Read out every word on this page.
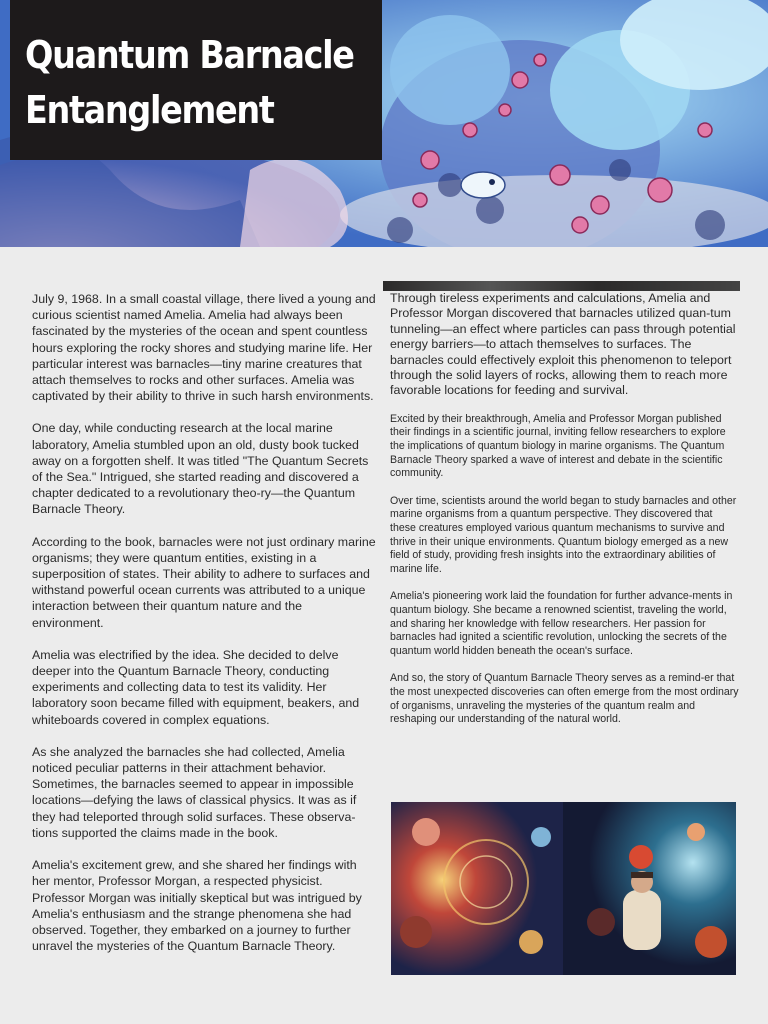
Quantum Barnacle
Entanglement

July 9, 1968. In a small coastal village, there lived a young and curious scientist named Amelia. Amelia had always been fascinated by the mysteries of the ocean and spent countless hours exploring the rocky shores and studying marine life. Her particular interest was barnacles—tiny marine creatures that attach themselves to rocks and other surfaces. Amelia was captivated by their ability to thrive in such harsh environments.

One day, while conducting research at the local marine laboratory, Amelia stumbled upon an old, dusty book tucked away on a forgotten shelf. It was titled "The Quantum Secrets of the Sea." Intrigued, she started reading and discovered a chapter dedicated to a revolutionary theo-ry—the Quantum Barnacle Theory.

According to the book, barnacles were not just ordinary marine organisms; they were quantum entities, existing in a superposition of states. Their ability to adhere to surfaces and withstand powerful ocean currents was attributed to a unique interaction between their quantum nature and the environment.

Amelia was electrified by the idea. She decided to delve deeper into the Quantum Barnacle Theory, conducting experiments and collecting data to test its validity. Her laboratory soon became filled with equipment, beakers, and whiteboards covered in complex equations.

As she analyzed the barnacles she had collected, Amelia noticed peculiar patterns in their attachment behavior. Sometimes, the barnacles seemed to appear in impossible locations—defying the laws of classical physics. It was as if they had teleported through solid surfaces. These observa-tions supported the claims made in the book.

Amelia's excitement grew, and she shared her findings with her mentor, Professor Morgan, a respected physicist. Professor Morgan was initially skeptical but was intrigued by Amelia's enthusiasm and the strange phenomena she had observed. Together, they embarked on a journey to further unravel the mysteries of the Quantum Barnacle Theory.

Through tireless experiments and calculations, Amelia and Professor Morgan discovered that barnacles utilized quan-tum tunneling—an effect where particles can pass through potential energy barriers—to attach themselves to surfaces. The barnacles could effectively exploit this phenomenon to teleport through the solid layers of rocks, allowing them to reach more favorable locations for feeding and survival.

Excited by their breakthrough, Amelia and Professor Morgan published their findings in a scientific journal, inviting fellow researchers to explore the implications of quantum biology in marine organisms. The Quantum Barnacle Theory sparked a wave of interest and debate in the scientific community.

Over time, scientists around the world began to study barnacles and other marine organisms from a quantum perspective. They discovered that these creatures employed various quantum mechanisms to survive and thrive in their unique environments. Quantum biology emerged as a new field of study, providing fresh insights into the extraordinary abilities of marine life.

Amelia's pioneering work laid the foundation for further advance-ments in quantum biology. She became a renowned scientist, traveling the world, and sharing her knowledge with fellow researchers. Her passion for barnacles had ignited a scientific revolution, unlocking the secrets of the quantum world hidden beneath the ocean's surface.

And so, the story of Quantum Barnacle Theory serves as a remind-er that the most unexpected discoveries can often emerge from the most ordinary of organisms, unraveling the mysteries of the quantum realm and reshaping our understanding of the natural world.
